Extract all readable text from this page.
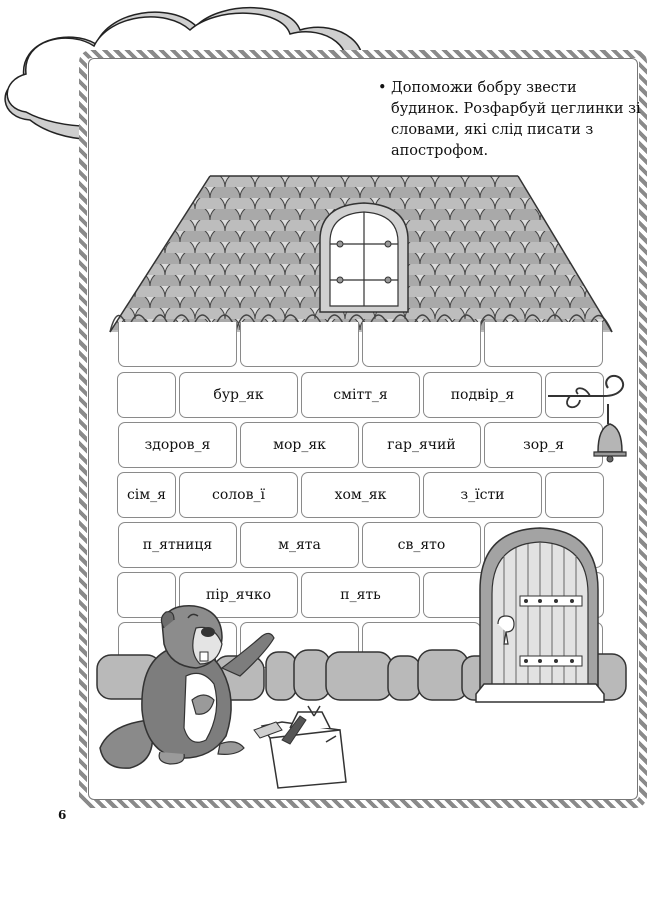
• Допоможи бобру звести будинок. Розфарбуй цеглинки зі словами, які слід писати з апострофом.
бур_як	смітт_я	подвір_я
здоров_я	мор_як	гар_ячий	зор_я
сім_я	солов_ї	хом_як	з_їсти
п_ятниця	м_ята	св_ято
пір_ячко	п_ять
6
